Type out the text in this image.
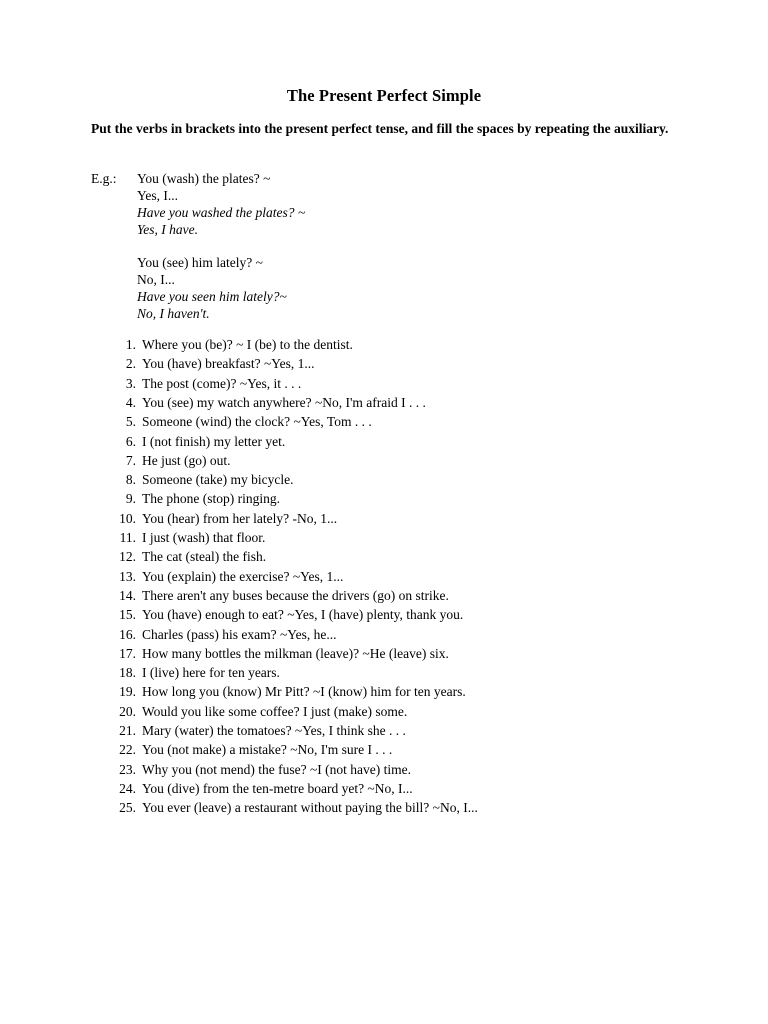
The Present Perfect Simple
Put the verbs in brackets into the present perfect tense, and fill the spaces by repeating the auxiliary.
E.g.: You (wash) the plates? ~
Yes, I...
Have you washed the plates? ~
Yes, I have.
You (see) him lately? ~
No, I...
Have you seen him lately?~
No, I haven't.
1. Where you (be)? ~ I (be) to the dentist.
2. You (have) breakfast? ~Yes, 1...
3. The post (come)? ~Yes, it . . .
4. You (see) my watch anywhere? ~No, I'm afraid I . . .
5. Someone (wind) the clock? ~Yes, Tom . . .
6. I (not finish) my letter yet.
7. He just (go) out.
8. Someone (take) my bicycle.
9. The phone (stop) ringing.
10. You (hear) from her lately? -No, 1...
11. I just (wash) that floor.
12. The cat (steal) the fish.
13. You (explain) the exercise? ~Yes, 1...
14. There aren't any buses because the drivers (go) on strike.
15. You (have) enough to eat? ~Yes, I (have) plenty, thank you.
16. Charles (pass) his exam? ~Yes, he...
17. How many bottles the milkman (leave)? ~He (leave) six.
18. I (live) here for ten years.
19. How long you (know) Mr Pitt? ~I (know) him for ten years.
20. Would you like some coffee? I just (make) some.
21. Mary (water) the tomatoes? ~Yes, I think she . . .
22. You (not make) a mistake? ~No, I'm sure I . . .
23. Why you (not mend) the fuse? ~I (not have) time.
24. You (dive) from the ten-metre board yet? ~No, I...
25. You ever (leave) a restaurant without paying the bill? ~No, I...
